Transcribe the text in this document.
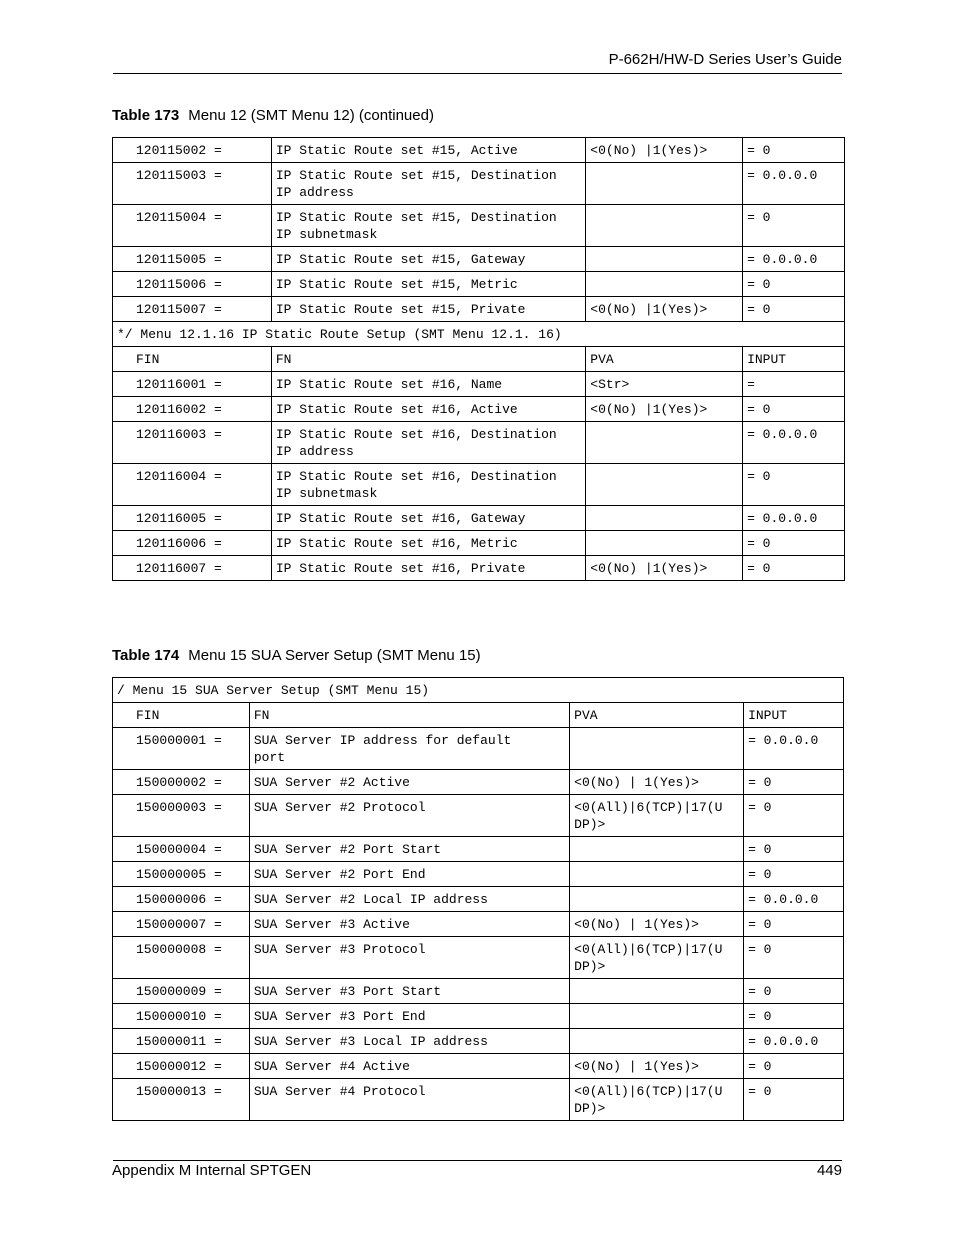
P-662H/HW-D Series User’s Guide
Table 173 Menu 12 (SMT Menu 12) (continued)
120115002 =	IP Static Route set #15, Active	<0(No) |1(Yes)>	= 0

120115003 =	IP Static Route set #15, Destination
IP address		= 0.0.0.0

120115004 =	IP Static Route set #15, Destination
IP subnetmask		= 0

120115005 =	IP Static Route set #15, Gateway		= 0.0.0.0

120115006 =	IP Static Route set #15, Metric		= 0

120115007 =	IP Static Route set #15, Private	<0(No) |1(Yes)>	= 0

*/ Menu 12.1.16 IP Static Route Setup (SMT Menu 12.1. 16)			

FIN	FN	PVA	INPUT

120116001 =	IP Static Route set #16, Name	<Str>	=

120116002 =	IP Static Route set #16, Active	<0(No) |1(Yes)>	= 0

120116003 =	IP Static Route set #16, Destination
IP address		= 0.0.0.0

120116004 =	IP Static Route set #16, Destination
IP subnetmask		= 0

120116005 =	IP Static Route set #16, Gateway		= 0.0.0.0

120116006 =	IP Static Route set #16, Metric		= 0

120116007 =	IP Static Route set #16, Private	<0(No) |1(Yes)>	= 0
Table 174 Menu 15 SUA Server Setup (SMT Menu 15)
/ Menu 15 SUA Server Setup (SMT Menu 15)			

FIN	FN	PVA	INPUT

150000001 =	SUA Server IP address for default
port		= 0.0.0.0

150000002 =	SUA Server #2 Active	<0(No) | 1(Yes)>	= 0

150000003 =	SUA Server #2 Protocol	<0(All)|6(TCP)|17(U
DP)>	= 0

150000004 =	SUA Server #2 Port Start		= 0

150000005 =	SUA Server #2 Port End		= 0

150000006 =	SUA Server #2 Local IP address		= 0.0.0.0

150000007 =	SUA Server #3 Active	<0(No) | 1(Yes)>	= 0

150000008 =	SUA Server #3 Protocol	<0(All)|6(TCP)|17(U
DP)>	= 0

150000009 =	SUA Server #3 Port Start		= 0

150000010 =	SUA Server #3 Port End		= 0

150000011 =	SUA Server #3 Local IP address		= 0.0.0.0

150000012 =	SUA Server #4 Active	<0(No) | 1(Yes)>	= 0

150000013 =	SUA Server #4 Protocol	<0(All)|6(TCP)|17(U
DP)>	= 0
Appendix M Internal SPTGEN	449
